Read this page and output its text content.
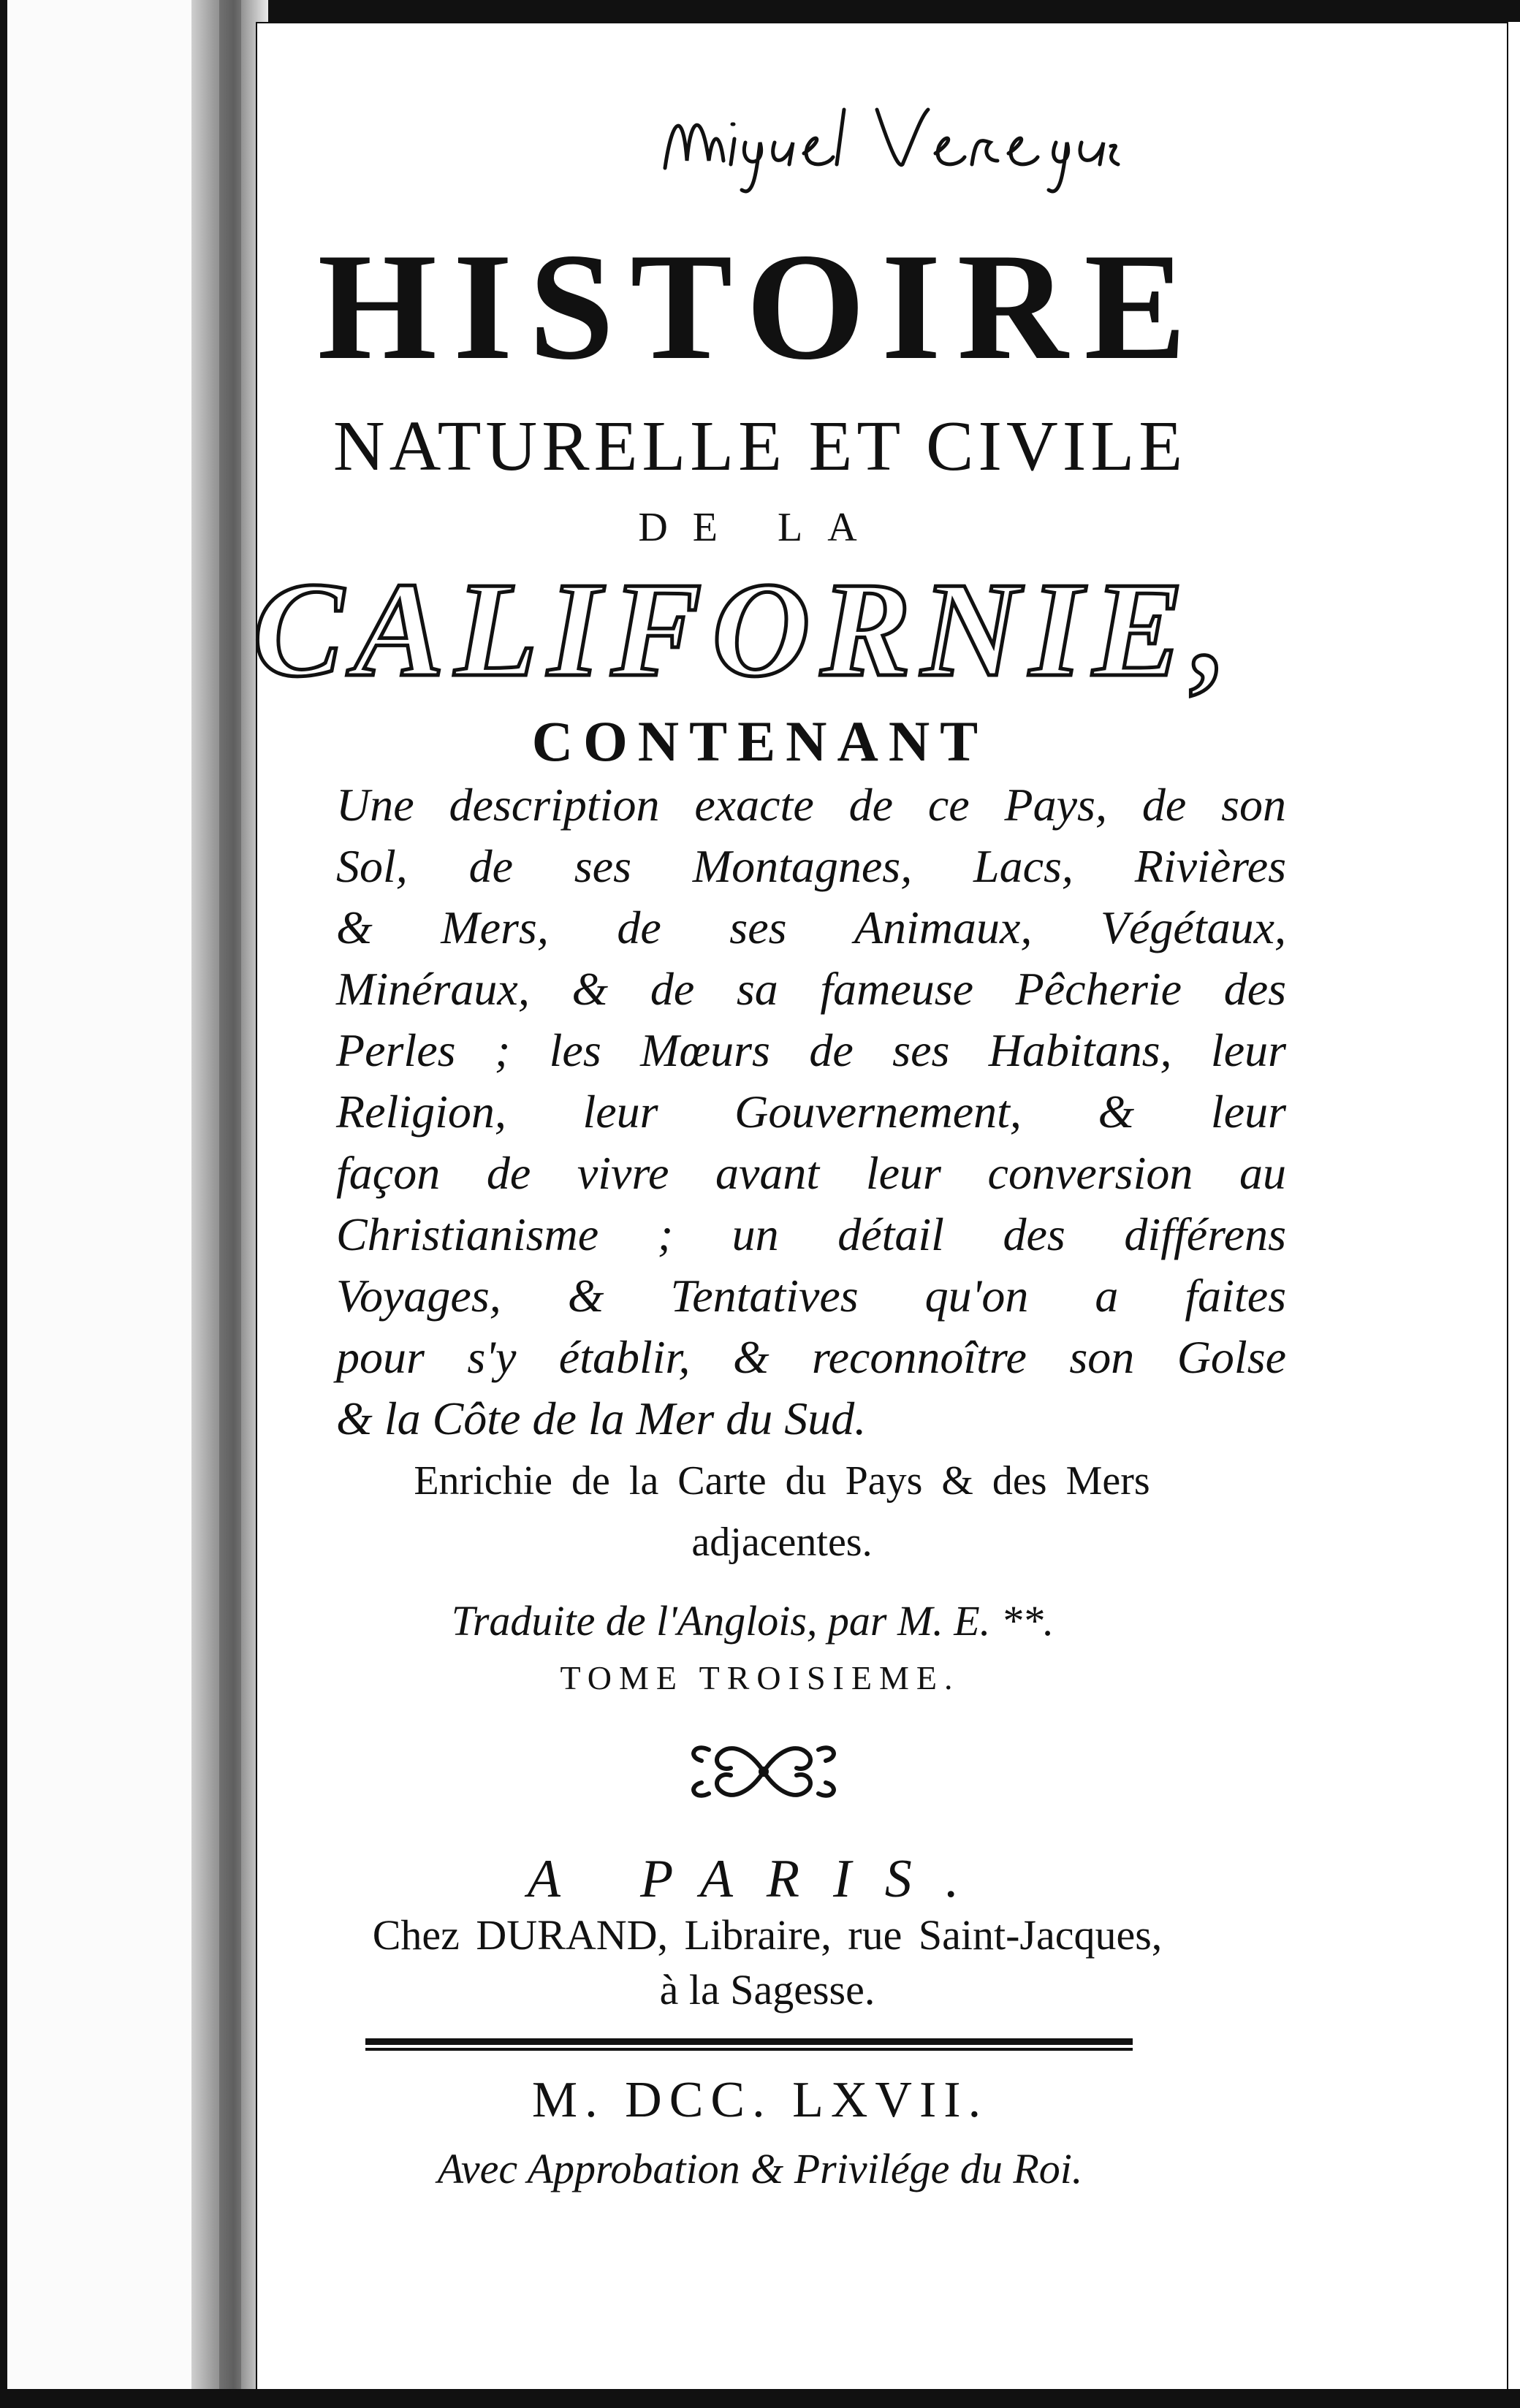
HISTOIRE
NATURELLE ET CIVILE
DE LA
CALIFORNIE,
CONTENANT
Une description exacte de ce Pays, de son
Sol, de ses Montagnes, Lacs, Rivières
& Mers, de ses Animaux, Végétaux,
Minéraux, & de sa fameuse Pêcherie des
Perles ; les Mœurs de ses Habitans, leur
Religion, leur Gouvernement, & leur
façon de vivre avant leur conversion au
Christianisme ; un détail des différens
Voyages, & Tentatives qu'on a faites
pour s'y établir, & reconnoître son Golse
& la Côte de la Mer du Sud.
Enrichie de la Carte du Pays & des Mers
adjacentes.
Traduite de l'Anglois, par M. E. **.
TOME TROISIEME.
A PARIS.
Chez DURAND, Libraire, rue Saint-Jacques,
à la Sagesse.
M. DCC. LXVII.
Avec Approbation & Privilége du Roi.
